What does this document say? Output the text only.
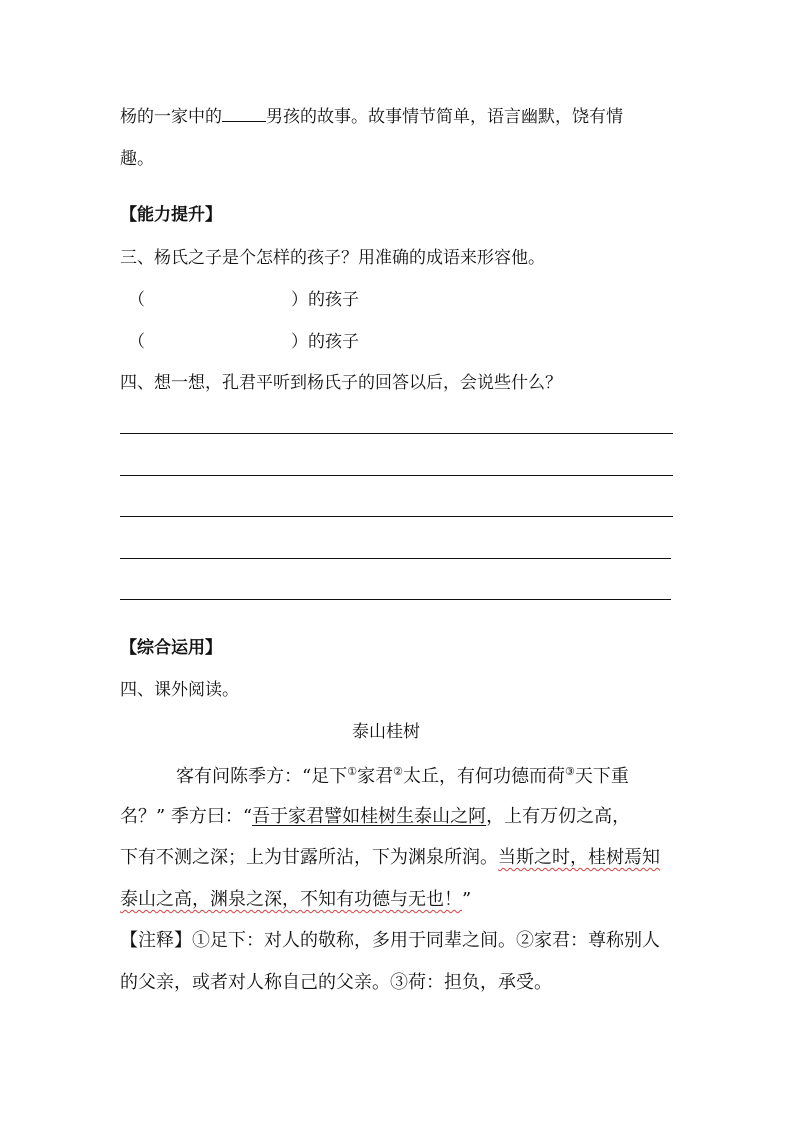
杨的一家中的	男孩的故事。故事情节简单，语言幽默，饶有情
趣。
【能力提升】
三、杨氏之子是个怎样的孩子？用准确的成语来形容他。
（	）的孩子
（	）的孩子
四、想一想，孔君平听到杨氏子的回答以后，会说些什么？
【综合运用】
四、课外阅读。
泰山桂树
客有问陈季方：“足下①家君②太丘，有何功德而荷③天下重
名？” 季方曰：“吾于家君譬如桂树生泰山之阿，上有万仞之高，
下有不测之深；上为甘露所沾，下为渊泉所润。当斯之时，桂树焉知
泰山之高，渊泉之深，不知有功德与无也！”
【注释】①足下：对人的敬称，多用于同辈之间。②家君：尊称别人
的父亲，或者对人称自己的父亲。③荷：担负，承受。
